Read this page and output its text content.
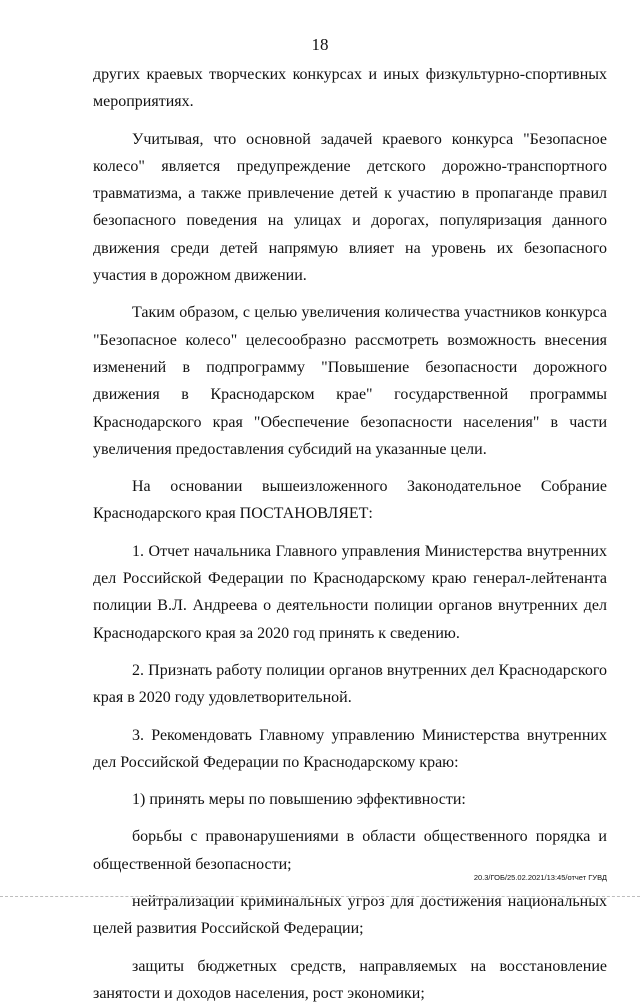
18

других краевых творческих конкурсах и иных физкультурно-спортивных мероприятиях.

Учитывая, что основной задачей краевого конкурса "Безопасное колесо" является предупреждение детского дорожно-транспортного травматизма, а также привлечение детей к участию в пропаганде правил безопасного поведения на улицах и дорогах, популяризация данного движения среди детей напрямую влияет на уровень их безопасного участия в дорожном движении.

Таким образом, с целью увеличения количества участников конкурса "Безопасное колесо" целесообразно рассмотреть возможность внесения изменений в подпрограмму "Повышение безопасности дорожного движения в Краснодарском крае" государственной программы Краснодарского края "Обеспечение безопасности населения" в части увеличения предоставления субсидий на указанные цели.

На основании вышеизложенного Законодательное Собрание Краснодарского края ПОСТАНОВЛЯЕТ:

1. Отчет начальника Главного управления Министерства внутренних дел Российской Федерации по Краснодарскому краю генерал-лейтенанта полиции В.Л. Андреева о деятельности полиции органов внутренних дел Краснодарского края за 2020 год принять к сведению.

2. Признать работу полиции органов внутренних дел Краснодарского края в 2020 году удовлетворительной.

3. Рекомендовать Главному управлению Министерства внутренних дел Российской Федерации по Краснодарскому краю:

1) принять меры по повышению эффективности:

борьбы с правонарушениями в области общественного порядка и общественной безопасности;

нейтрализации криминальных угроз для достижения национальных целей развития Российской Федерации;

защиты бюджетных средств, направляемых на восстановление занятости и доходов населения, рост экономики;

20.3/ГОБ/25.02.2021/13:45/отчет ГУВД
